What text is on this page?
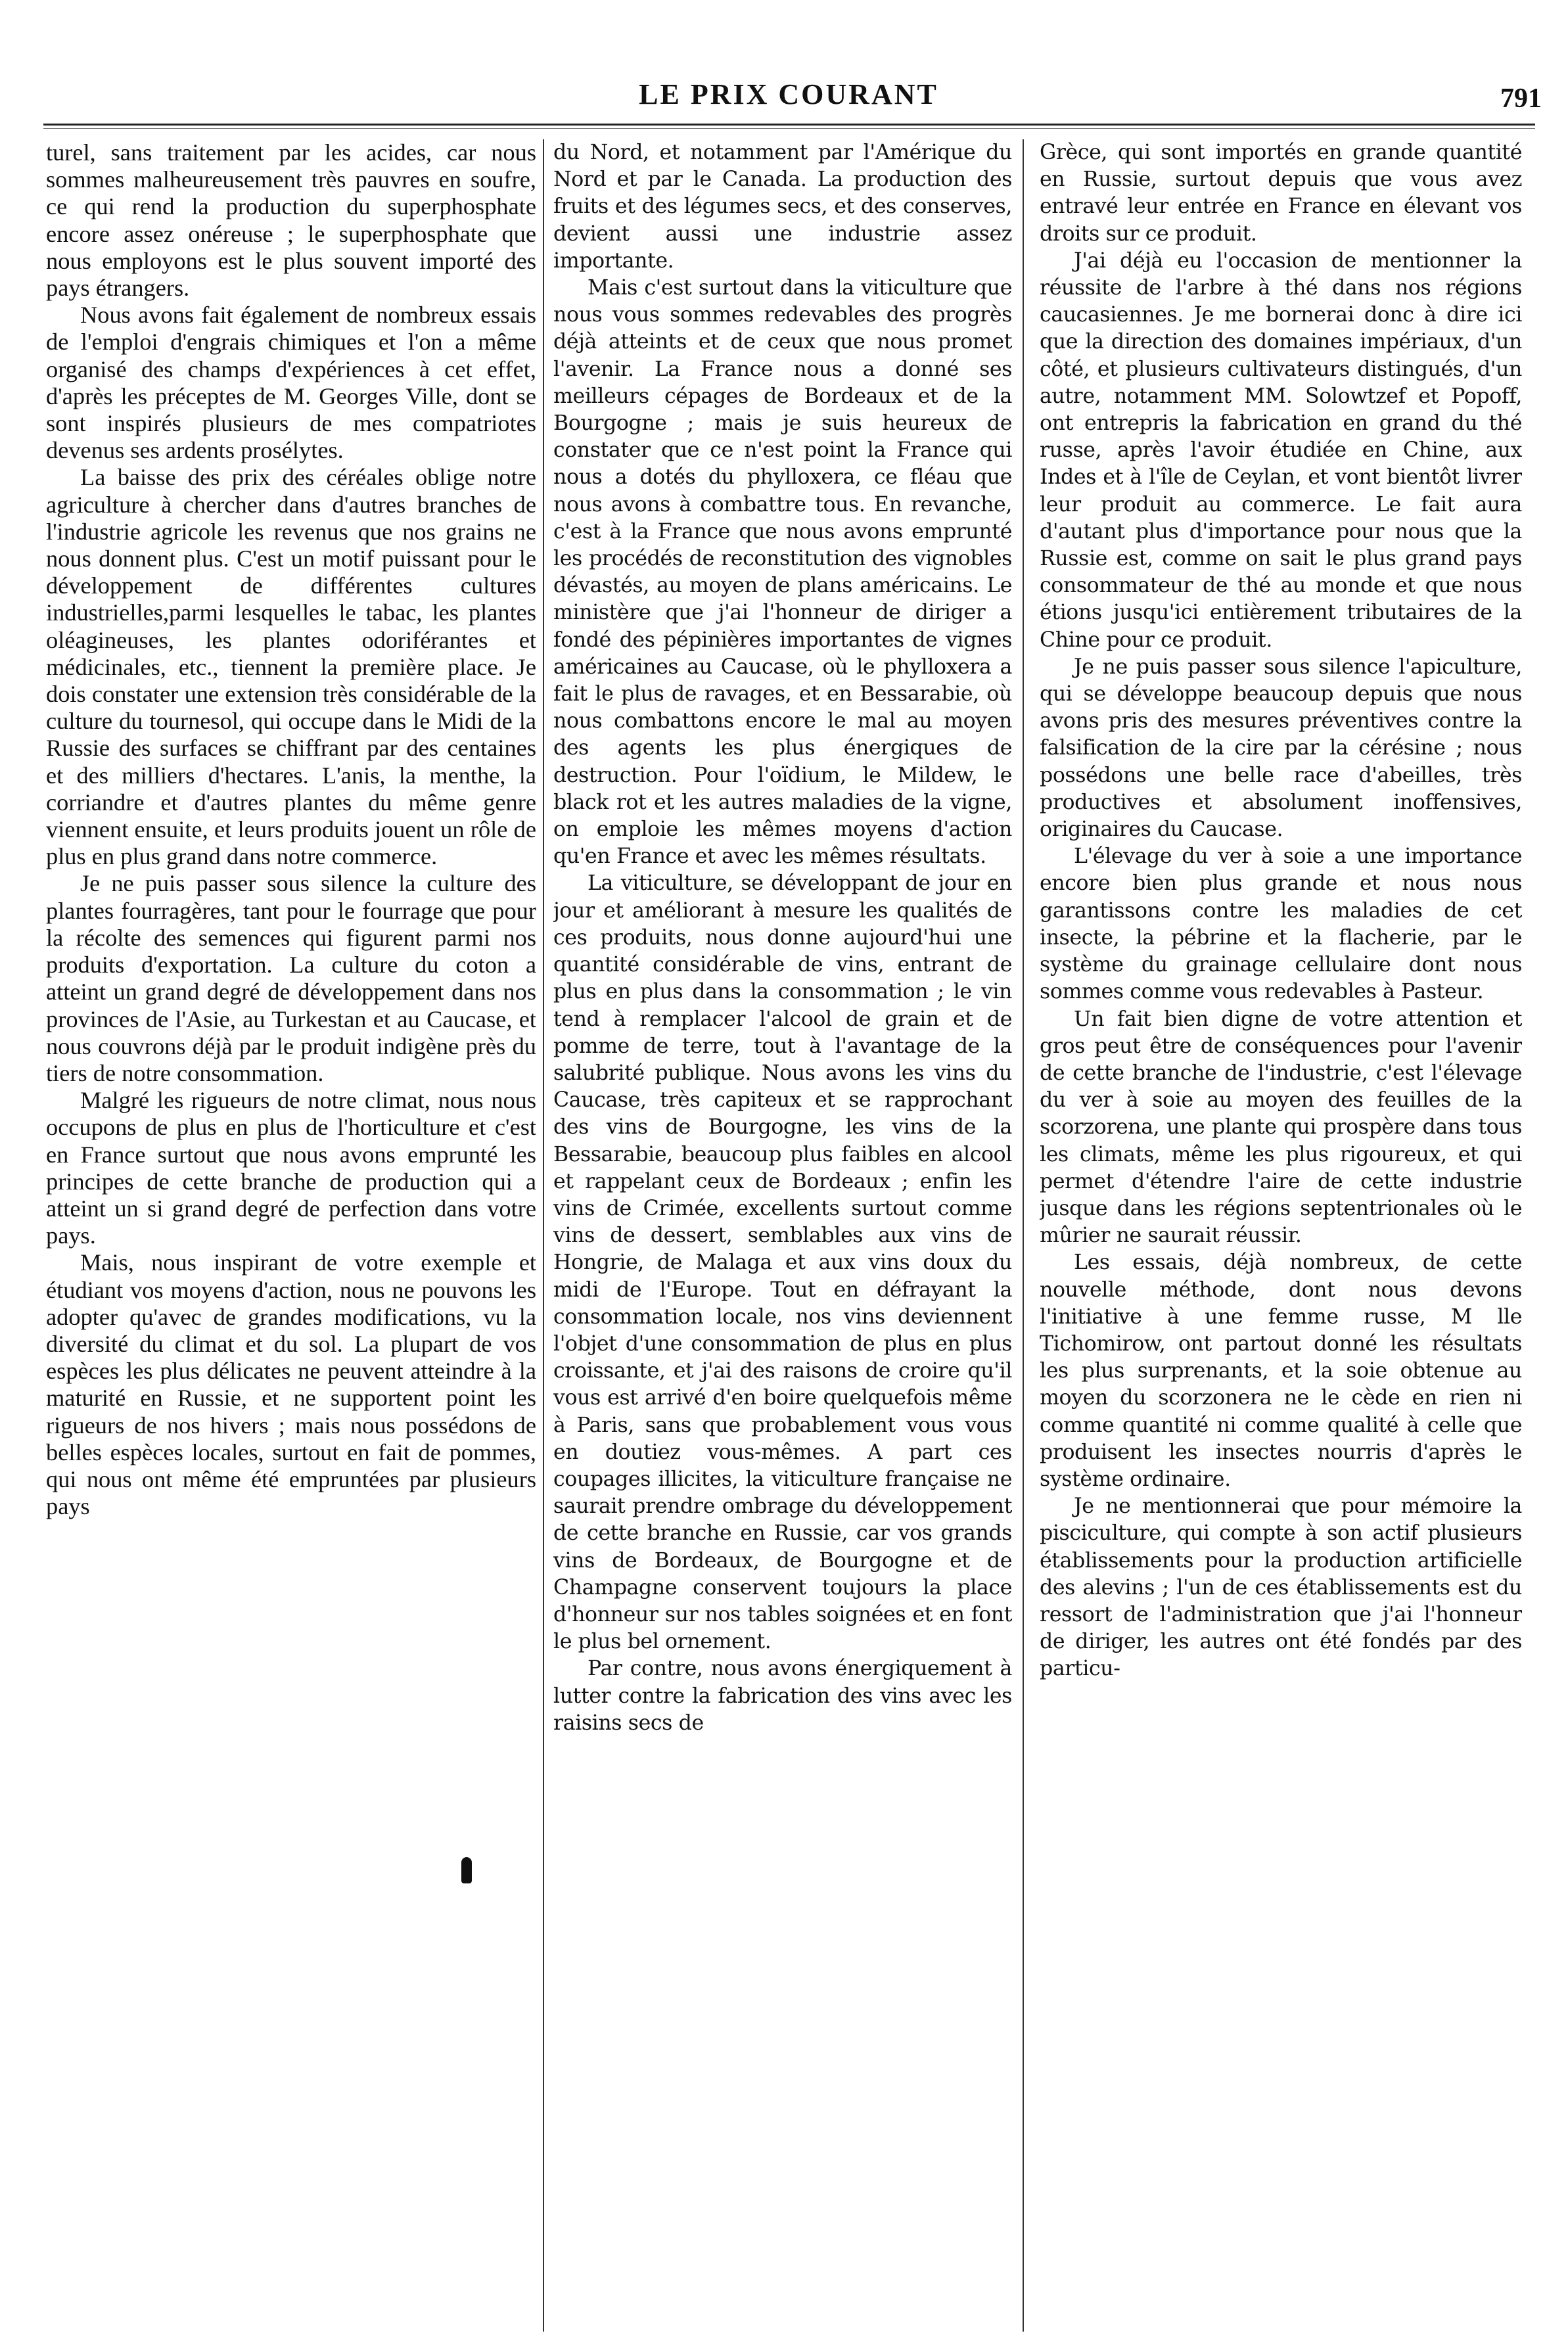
LE PRIX COURANT	791

turel, sans traitement par les acides, car nous sommes malheureusement très pauvres en soufre, ce qui rend la production du superphosphate encore assez onéreuse ; le superphosphate que nous employons est le plus souvent importé des pays étrangers.

Nous avons fait également de nombreux essais de l'emploi d'engrais chimiques et l'on a même organisé des champs d'expériences à cet effet, d'après les préceptes de M. Georges Ville, dont se sont inspirés plusieurs de mes compatriotes devenus ses ardents prosélytes.

La baisse des prix des céréales oblige notre agriculture à chercher dans d'autres branches de l'industrie agricole les revenus que nos grains ne nous donnent plus. C'est un motif puissant pour le développement de différentes cultures industrielles,parmi lesquelles le tabac, les plantes oléagineuses, les plantes odoriférantes et médicinales, etc., tiennent la première place. Je dois constater une extension très considérable de la culture du tournesol, qui occupe dans le Midi de la Russie des surfaces se chiffrant par des centaines et des milliers d'hectares. L'anis, la menthe, la corriandre et d'autres plantes du même genre viennent ensuite, et leurs produits jouent un rôle de plus en plus grand dans notre commerce.

Je ne puis passer sous silence la culture des plantes fourragères, tant pour le fourrage que pour la récolte des semences qui figurent parmi nos produits d'exportation. La culture du coton a atteint un grand degré de développement dans nos provinces de l'Asie, au Turkestan et au Caucase, et nous couvrons déjà par le produit indigène près du tiers de notre consommation.

Malgré les rigueurs de notre climat, nous nous occupons de plus en plus de l'horticulture et c'est en France surtout que nous avons emprunté les principes de cette branche de production qui a atteint un si grand degré de perfection dans votre pays.

Mais, nous inspirant de votre exemple et étudiant vos moyens d'action, nous ne pouvons les adopter qu'avec de grandes modifications, vu la diversité du climat et du sol. La plupart de vos espèces les plus délicates ne peuvent atteindre à la maturité en Russie, et ne supportent point les rigueurs de nos hivers ; mais nous possédons de belles espèces locales, surtout en fait de pommes, qui nous ont même été empruntées par plusieurs pays

du Nord, et notamment par l'Amérique du Nord et par le Canada. La production des fruits et des légumes secs, et des conserves, devient aussi une industrie assez importante.

Mais c'est surtout dans la viticulture que nous vous sommes redevables des progrès déjà atteints et de ceux que nous promet l'avenir. La France nous a donné ses meilleurs cépages de Bordeaux et de la Bourgogne ; mais je suis heureux de constater que ce n'est point la France qui nous a dotés du phylloxera, ce fléau que nous avons à combattre tous. En revanche, c'est à la France que nous avons emprunté les procédés de reconstitution des vignobles dévastés, au moyen de plans américains. Le ministère que j'ai l'honneur de diriger a fondé des pépinières importantes de vignes américaines au Caucase, où le phylloxera a fait le plus de ravages, et en Bessarabie, où nous combattons encore le mal au moyen des agents les plus énergiques de destruction. Pour l'oïdium, le Mildew, le black rot et les autres maladies de la vigne, on emploie les mêmes moyens d'action qu'en France et avec les mêmes résultats.

La viticulture, se développant de jour en jour et améliorant à mesure les qualités de ces produits, nous donne aujourd'hui une quantité considérable de vins, entrant de plus en plus dans la consommation ; le vin tend à remplacer l'alcool de grain et de pomme de terre, tout à l'avantage de la salubrité publique. Nous avons les vins du Caucase, très capiteux et se rapprochant des vins de Bourgogne, les vins de la Bessarabie, beaucoup plus faibles en alcool et rappelant ceux de Bordeaux ; enfin les vins de Crimée, excellents surtout comme vins de dessert, semblables aux vins de Hongrie, de Malaga et aux vins doux du midi de l'Europe. Tout en défrayant la consommation locale, nos vins deviennent l'objet d'une consommation de plus en plus croissante, et j'ai des raisons de croire qu'il vous est arrivé d'en boire quelquefois même à Paris, sans que probablement vous vous en doutiez vous-mêmes. A part ces coupages illicites, la viticulture française ne saurait prendre ombrage du développement de cette branche en Russie, car vos grands vins de Bordeaux, de Bourgogne et de Champagne conservent toujours la place d'honneur sur nos tables soignées et en font le plus bel ornement.

Par contre, nous avons énergiquement à lutter contre la fabrication des vins avec les raisins secs de

Grèce, qui sont importés en grande quantité en Russie, surtout depuis que vous avez entravé leur entrée en France en élevant vos droits sur ce produit.

J'ai déjà eu l'occasion de mentionner la réussite de l'arbre à thé dans nos régions caucasiennes. Je me bornerai donc à dire ici que la direction des domaines impériaux, d'un côté, et plusieurs cultivateurs distingués, d'un autre, notamment MM. Solowtzef et Popoff, ont entrepris la fabrication en grand du thé russe, après l'avoir étudiée en Chine, aux Indes et à l'île de Ceylan, et vont bientôt livrer leur produit au commerce. Le fait aura d'autant plus d'importance pour nous que la Russie est, comme on sait le plus grand pays consommateur de thé au monde et que nous étions jusqu'ici entièrement tributaires de la Chine pour ce produit.

Je ne puis passer sous silence l'apiculture, qui se développe beaucoup depuis que nous avons pris des mesures préventives contre la falsification de la cire par la cérésine ; nous possédons une belle race d'abeilles, très productives et absolument inoffensives, originaires du Caucase.

L'élevage du ver à soie a une importance encore bien plus grande et nous nous garantissons contre les maladies de cet insecte, la pébrine et la flacherie, par le système du grainage cellulaire dont nous sommes comme vous redevables à Pasteur.

Un fait bien digne de votre attention et gros peut être de conséquences pour l'avenir de cette branche de l'industrie, c'est l'élevage du ver à soie au moyen des feuilles de la scorzorena, une plante qui prospère dans tous les climats, même les plus rigoureux, et qui permet d'étendre l'aire de cette industrie jusque dans les régions septentrionales où le mûrier ne saurait réussir.

Les essais, déjà nombreux, de cette nouvelle méthode, dont nous devons l'initiative à une femme russe, M lle Tichomirow, ont partout donné les résultats les plus surprenants, et la soie obtenue au moyen du scorzonera ne le cède en rien ni comme quantité ni comme qualité à celle que produisent les insectes nourris d'après le système ordinaire.

Je ne mentionnerai que pour mémoire la pisciculture, qui compte à son actif plusieurs établissements pour la production artificielle des alevins ; l'un de ces établissements est du ressort de l'administration que j'ai l'honneur de diriger, les autres ont été fondés par des particu-
